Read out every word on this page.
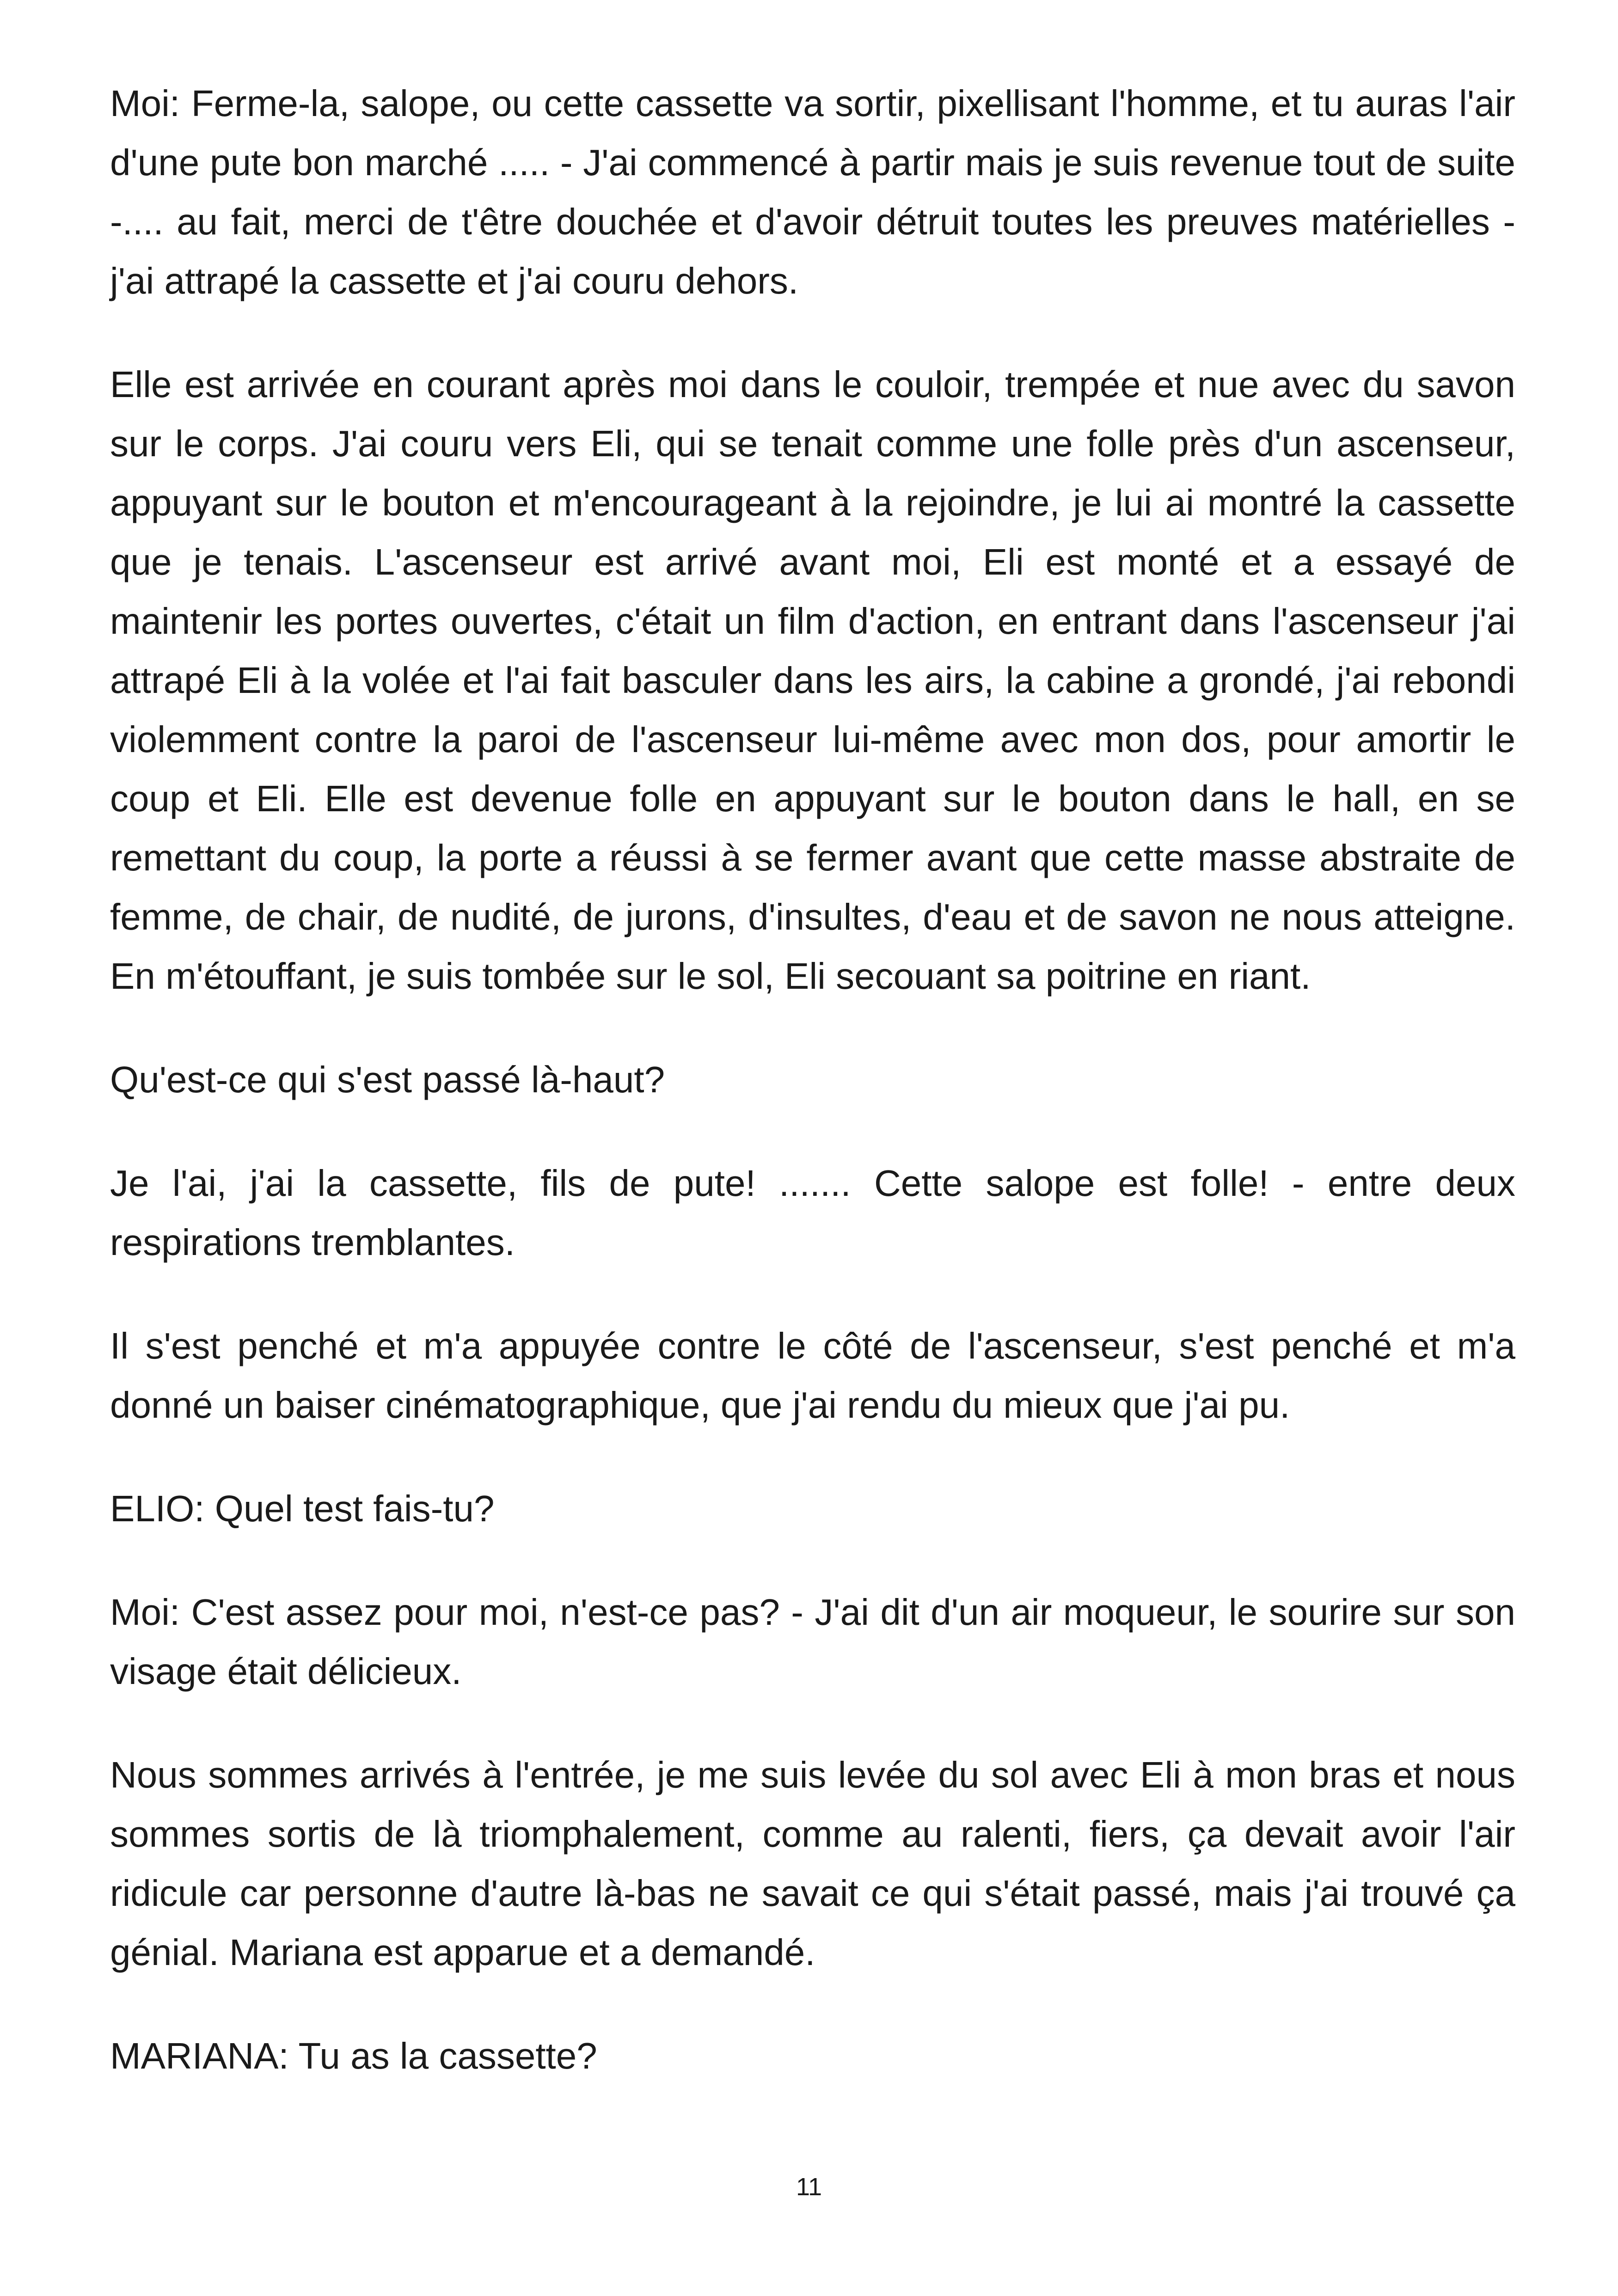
Moi: Ferme-la, salope, ou cette cassette va sortir, pixellisant l'homme, et tu auras l'air d'une pute bon marché ..... - J'ai commencé à partir mais je suis revenue tout de suite -.... au fait, merci de t'être douchée et d'avoir détruit toutes les preuves matérielles - j'ai attrapé la cassette et j'ai couru dehors.

Elle est arrivée en courant après moi dans le couloir, trempée et nue avec du savon sur le corps. J'ai couru vers Eli, qui se tenait comme une folle près d'un ascenseur, appuyant sur le bouton et m'encourageant à la rejoindre, je lui ai montré la cassette que je tenais. L'ascenseur est arrivé avant moi, Eli est monté et a essayé de maintenir les portes ouvertes, c'était un film d'action, en entrant dans l'ascenseur j'ai attrapé Eli à la volée et l'ai fait basculer dans les airs, la cabine a grondé, j'ai rebondi violemment contre la paroi de l'ascenseur lui-même avec mon dos, pour amortir le coup et Eli. Elle est devenue folle en appuyant sur le bouton dans le hall, en se remettant du coup, la porte a réussi à se fermer avant que cette masse abstraite de femme, de chair, de nudité, de jurons, d'insultes, d'eau et de savon ne nous atteigne. En m'étouffant, je suis tombée sur le sol, Eli secouant sa poitrine en riant.

Qu'est-ce qui s'est passé là-haut?

Je l'ai, j'ai la cassette, fils de pute! ....... Cette salope est folle! - entre deux respirations tremblantes.

Il s'est penché et m'a appuyée contre le côté de l'ascenseur, s'est penché et m'a donné un baiser cinématographique, que j'ai rendu du mieux que j'ai pu.

ELIO: Quel test fais-tu?

Moi: C'est assez pour moi, n'est-ce pas? - J'ai dit d'un air moqueur, le sourire sur son visage était délicieux.

Nous sommes arrivés à l'entrée, je me suis levée du sol avec Eli à mon bras et nous sommes sortis de là triomphalement, comme au ralenti, fiers, ça devait avoir l'air ridicule car personne d'autre là-bas ne savait ce qui s'était passé, mais j'ai trouvé ça génial. Mariana est apparue et a demandé.

MARIANA: Tu as la cassette?

11
